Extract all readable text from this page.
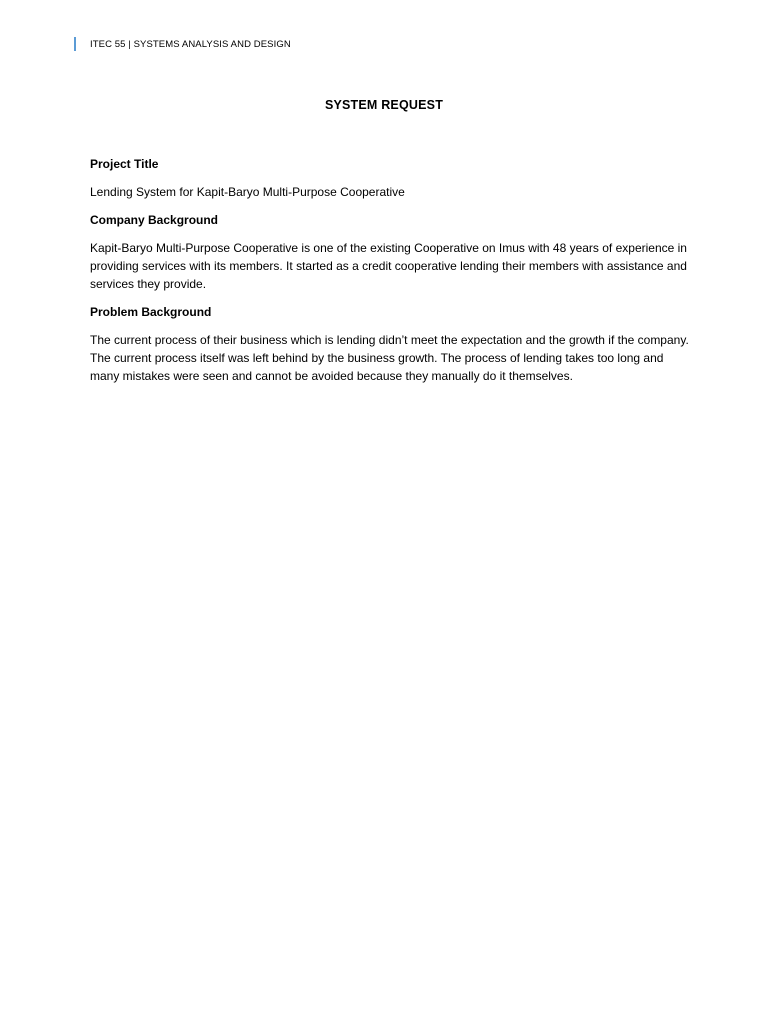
ITEC 55 | SYSTEMS ANALYSIS AND DESIGN
SYSTEM REQUEST

Project Title

Lending System for Kapit-Baryo Multi-Purpose Cooperative

Company Background

Kapit-Baryo Multi-Purpose Cooperative is one of the existing Cooperative on Imus with 48 years of experience in providing services with its members. It started as a credit cooperative lending their members with assistance and services they provide.

Problem Background

The current process of their business which is lending didn’t meet the expectation and the growth if the company. The current process itself was left behind by the business growth. The process of lending takes too long and many mistakes were seen and cannot be avoided because they manually do it themselves.
